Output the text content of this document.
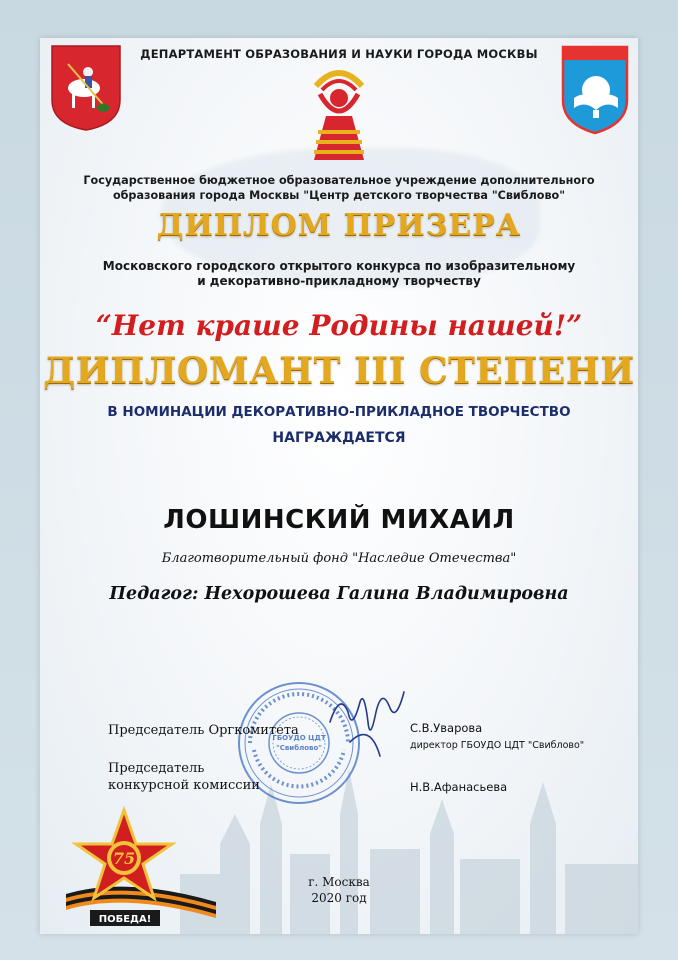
ДЕПАРТАМЕНТ ОБРАЗОВАНИЯ И НАУКИ ГОРОДА МОСКВЫ
Государственное бюджетное образовательное учреждение дополнительного
образования города Москвы "Центр детского творчества "Свиблово"
ДИПЛОМ ПРИЗЕРА
Московского городского открытого конкурса по изобразительному
и декоративно-прикладному творчеству
“Нет краше Родины нашей!”
ДИПЛОМАНТ III СТЕПЕНИ
В НОМИНАЦИИ ДЕКОРАТИВНО-ПРИКЛАДНОЕ ТВОРЧЕСТВО
НАГРАЖДАЕТСЯ
ЛОШИНСКИЙ МИХАИЛ
Благотворительный фонд "Наследие Отечества"
Педагог: Нехорошева Галина Владимировна
ГБОУДО ЦДТ
"Свиблово"
Председатель Оргкомитета	С.В.Уварова
директор ГБОУДО ЦДТ "Свиблово"
Председатель
конкурсной комиссии	Н.В.Афанасьева
75
ПОБЕДА!
г. Москва
2020 год
